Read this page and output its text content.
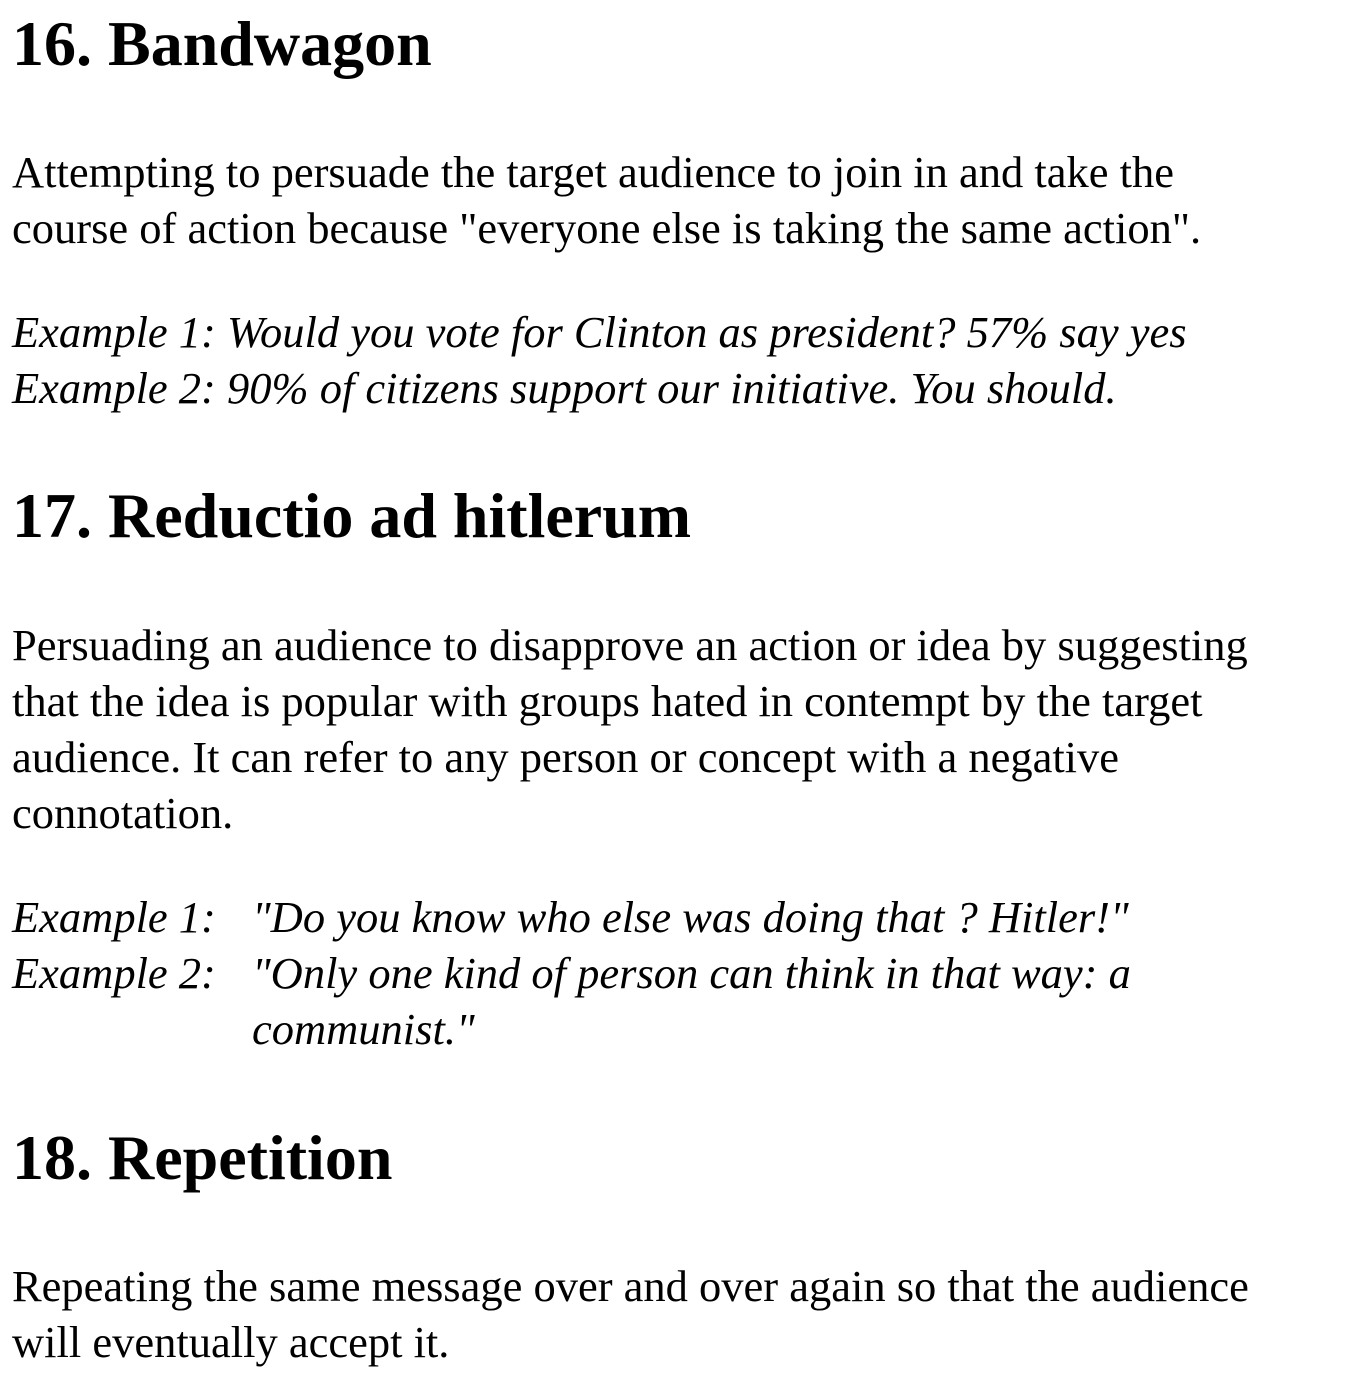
16. Bandwagon

Attempting to persuade the target audience to join in and take the
course of action because "everyone else is taking the same action".

Example 1: Would you vote for Clinton as president? 57% say yes
Example 2: 90% of citizens support our initiative. You should.
17. Reductio ad hitlerum

Persuading an audience to disapprove an action or idea by suggesting
that the idea is popular with groups hated in contempt by the target
audience. It can refer to any person or concept with a negative
connotation.

Example 1: "Do you know who else was doing that ? Hitler!"
Example 2: "Only one kind of person can think in that way: a
communist."
18. Repetition

Repeating the same message over and over again so that the audience
will eventually accept it.
